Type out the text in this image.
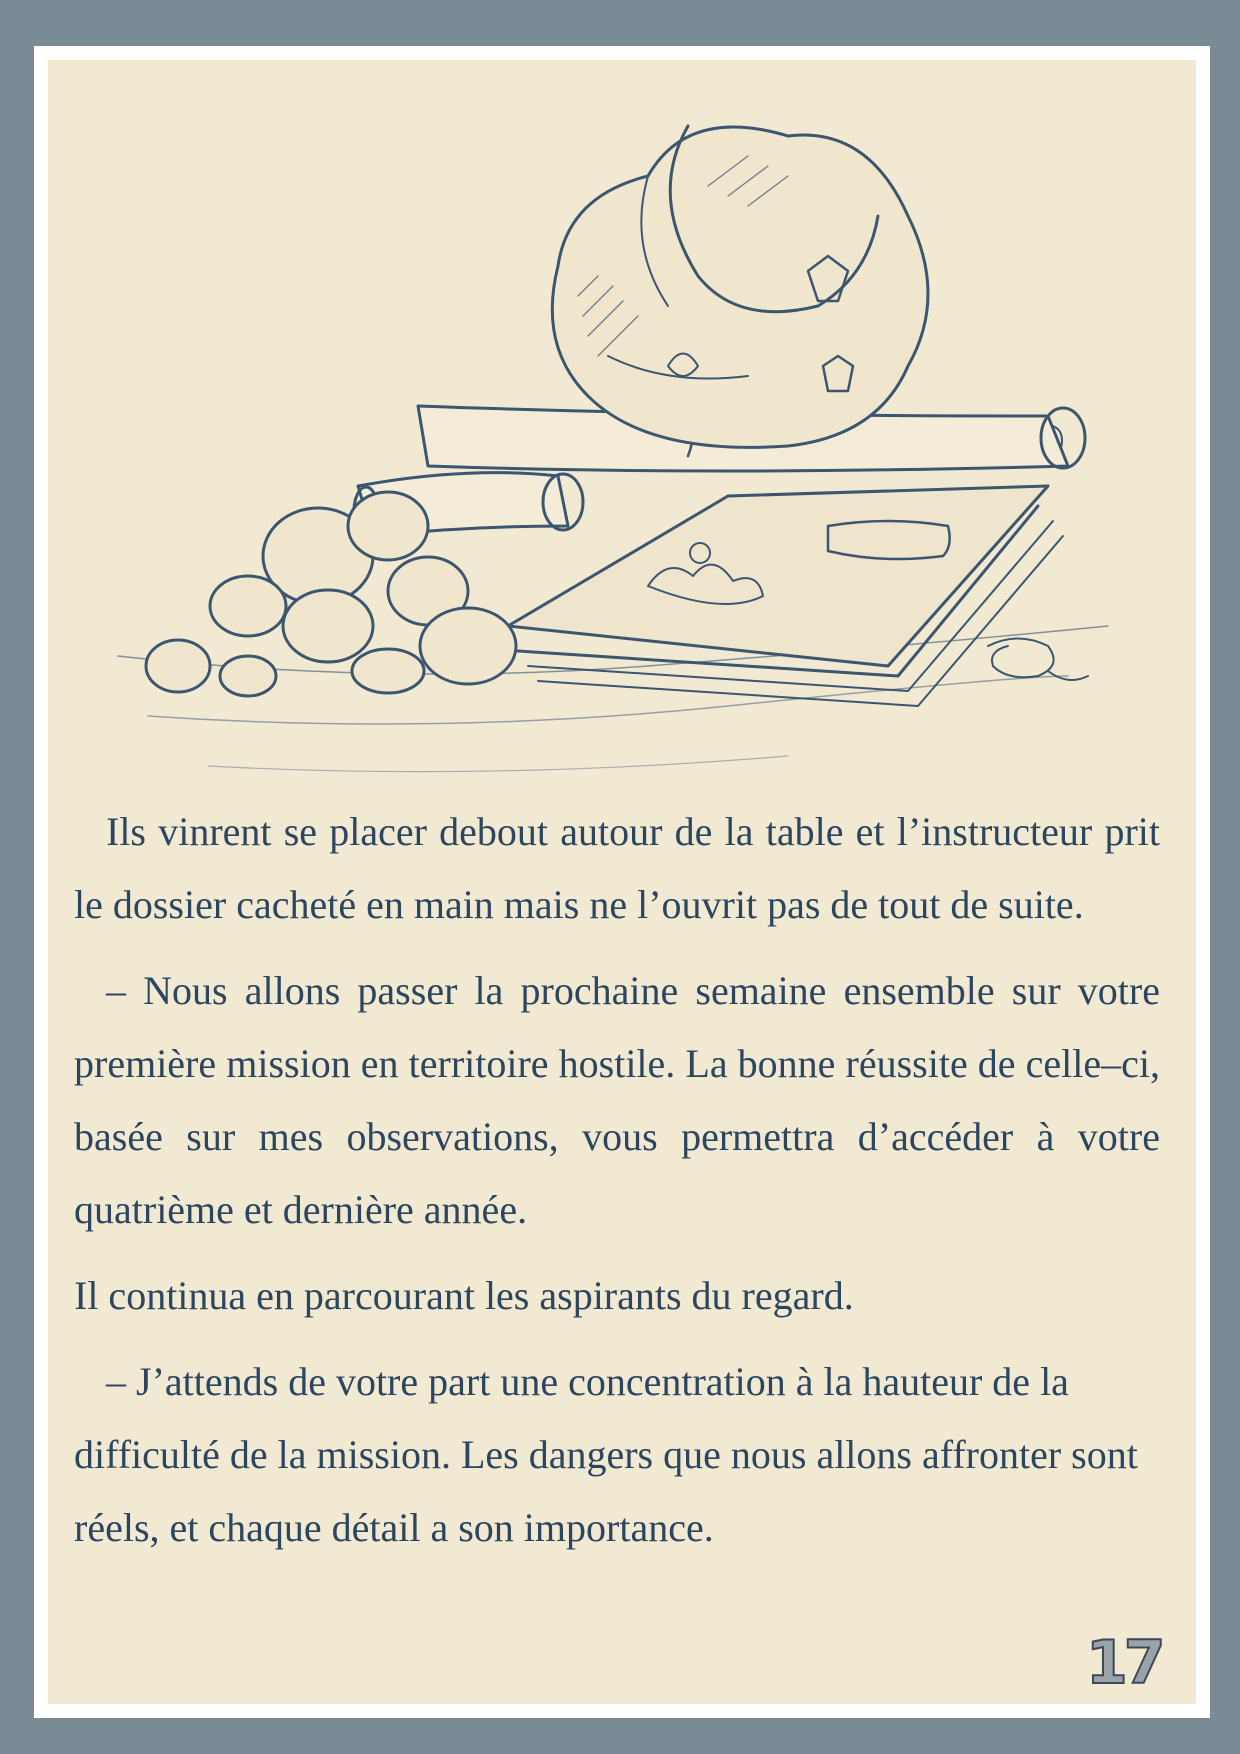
Ils vinrent se placer debout autour de la table et l’instructeur prit le dossier cacheté en main mais ne l’ouvrit pas de tout de suite.

– Nous allons passer la prochaine semaine ensemble sur votre première mission en territoire hostile. La bonne réussite de celle–ci, basée sur mes observations, vous permettra d’accéder à votre quatrième et dernière année.

Il continua en parcourant les aspirants du regard.

– J’attends de votre part une concentration à la hauteur de la difficulté de la mission. Les dangers que nous allons affronter sont réels, et chaque détail a son importance.

17
